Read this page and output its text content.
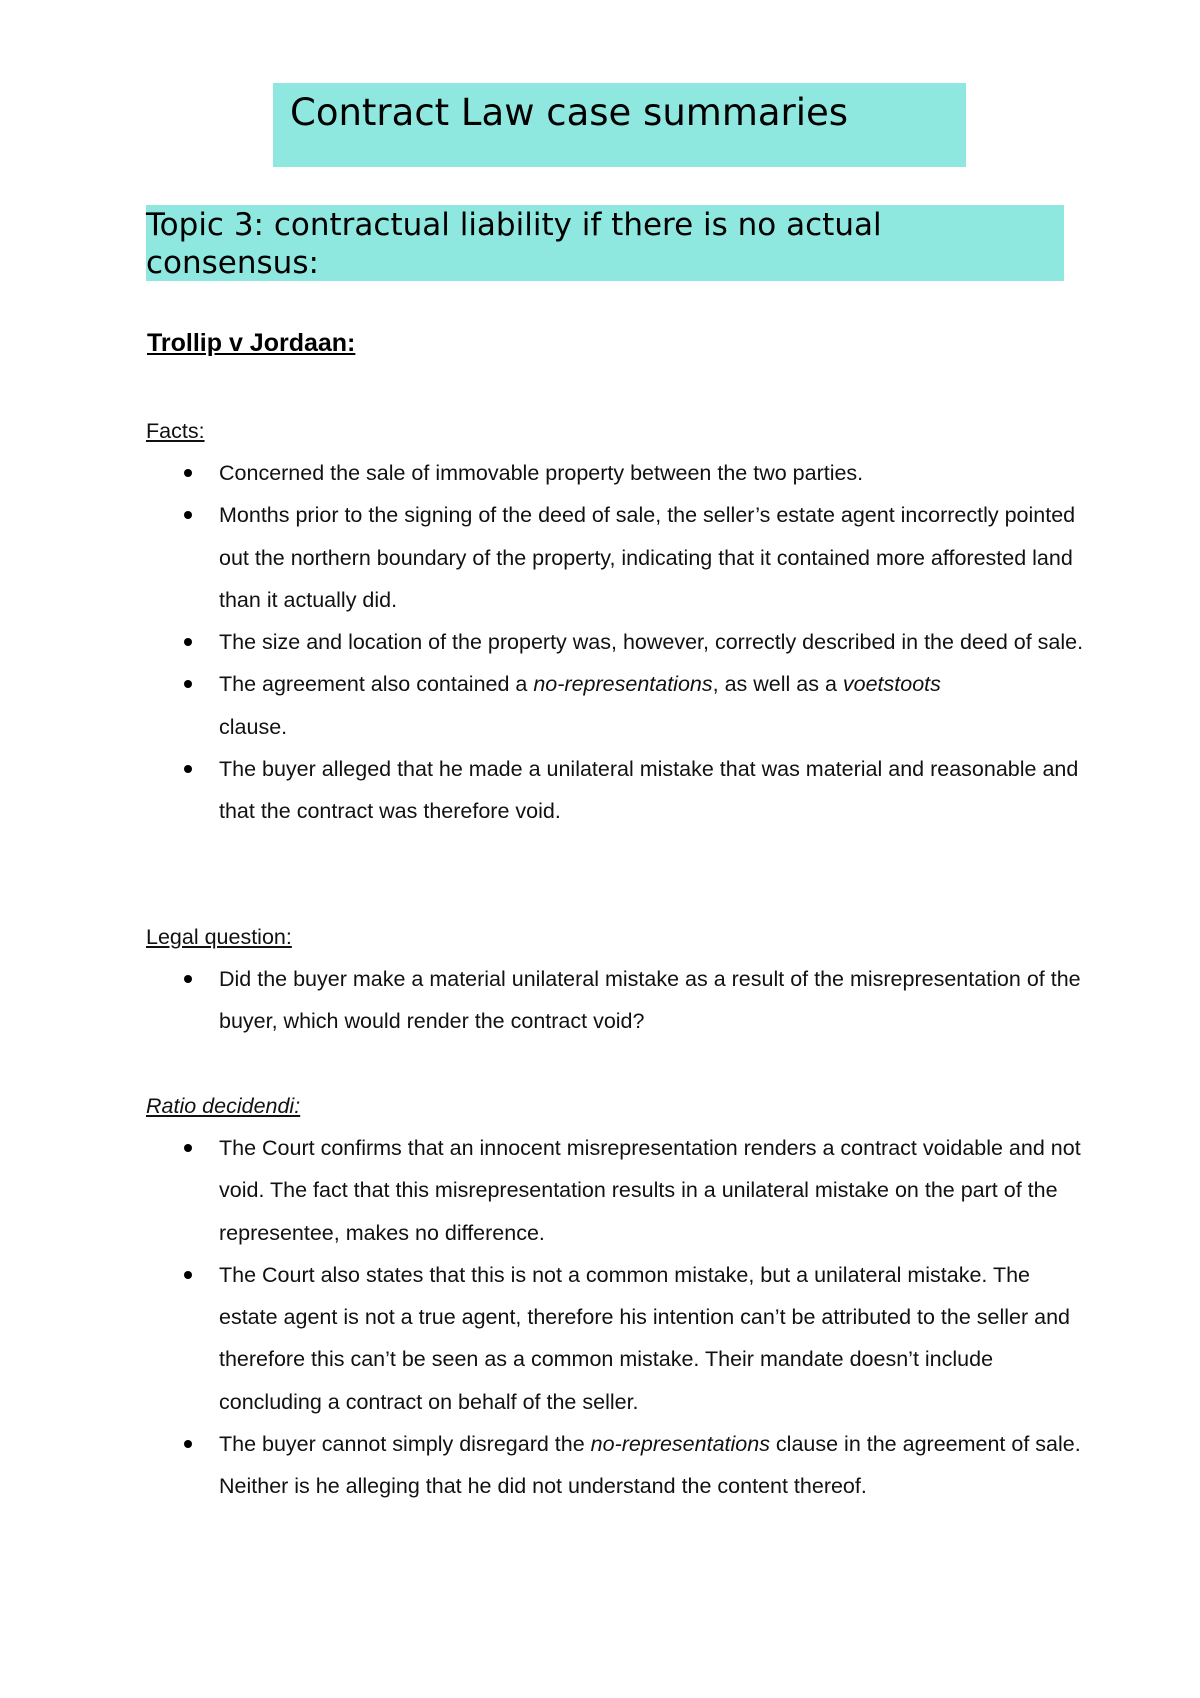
Contract Law case summaries
Topic 3: contractual liability if there is no actual consensus:
Trollip v Jordaan:
Facts:
Concerned the sale of immovable property between the two parties.
Months prior to the signing of the deed of sale, the seller’s estate agent incorrectly pointed out the northern boundary of the property, indicating that it contained more afforested land than it actually did.
The size and location of the property was, however, correctly described in the deed of sale.
The agreement also contained a no-representations, as well as a voetstoots
clause.
The buyer alleged that he made a unilateral mistake that was material and reasonable and that the contract was therefore void.
Legal question:
Did the buyer make a material unilateral mistake as a result of the misrepresentation of the buyer, which would render the contract void?
Ratio decidendi:
The Court confirms that an innocent misrepresentation renders a contract voidable and not void. The fact that this misrepresentation results in a unilateral mistake on the part of the representee, makes no difference.
The Court also states that this is not a common mistake, but a unilateral mistake. The estate agent is not a true agent, therefore his intention can’t be attributed to the seller and therefore this can’t be seen as a common mistake. Their mandate doesn’t include concluding a contract on behalf of the seller.
The buyer cannot simply disregard the no-representations clause in the agreement of sale. Neither is he alleging that he did not understand the content thereof.
